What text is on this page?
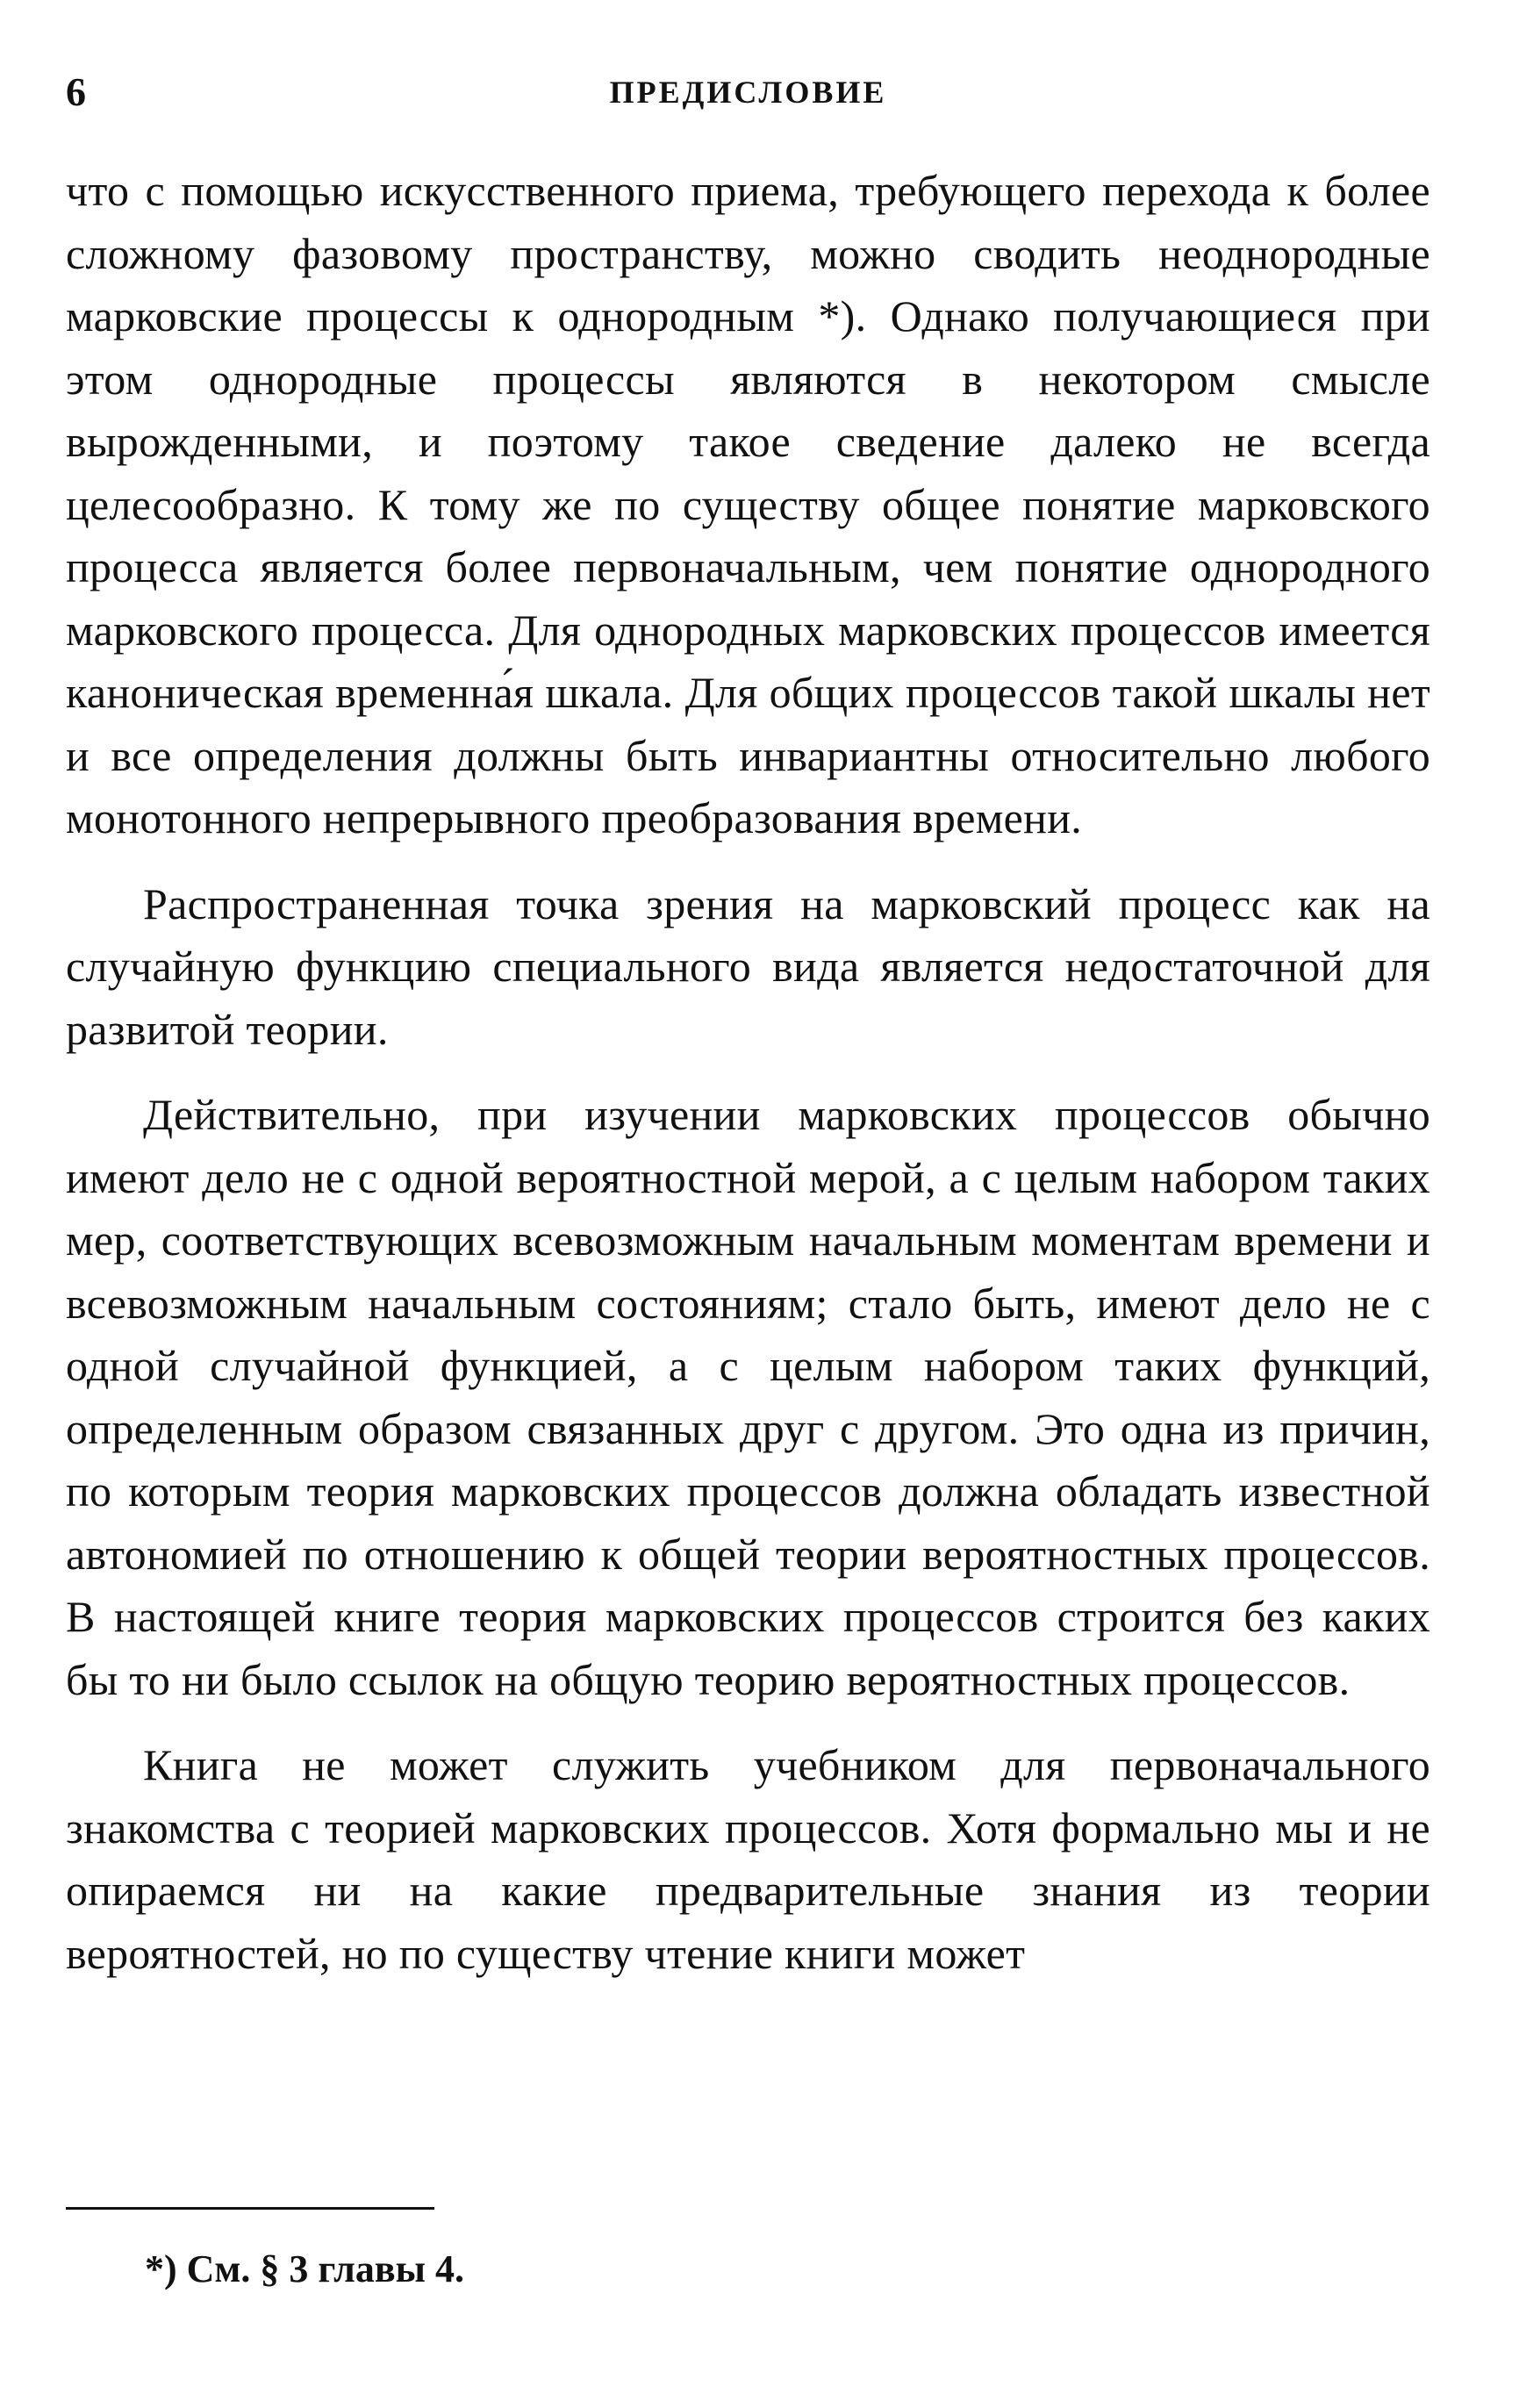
6	ПРЕДИСЛОВИЕ

что с помощью искусственного приема, требующего перехода к более сложному фазовому пространству, можно сводить неоднородные марковские процессы к однородным *). Однако получающиеся при этом однородные процессы являются в некотором смысле вырожденными, и поэтому такое сведение далеко не всегда целесообразно. К тому же по существу общее понятие марковского процесса является более первоначальным, чем понятие однородного марковского процесса. Для однородных марковских процессов имеется каноническая временна́я шкала. Для общих процессов такой шкалы нет и все определения должны быть инвариантны относительно любого монотонного непрерывного преобразования времени.

Распространенная точка зрения на марковский процесс как на случайную функцию специального вида является недостаточной для развитой теории.

Действительно, при изучении марковских процессов обычно имеют дело не с одной вероятностной мерой, а с целым набором таких мер, соответствующих всевозможным начальным моментам времени и всевозможным начальным состояниям; стало быть, имеют дело не с одной случайной функцией, а с целым набором таких функций, определенным образом связанных друг с другом. Это одна из причин, по которым теория марковских процессов должна обладать известной автономией по отношению к общей теории вероятностных процессов. В настоящей книге теория марковских процессов строится без каких бы то ни было ссылок на общую теорию вероятностных процессов.

Книга не может служить учебником для первоначального знакомства с теорией марковских процессов. Хотя формально мы и не опираемся ни на какие предварительные знания из теории вероятностей, но по существу чтение книги может

*) См. § 3 главы 4.
